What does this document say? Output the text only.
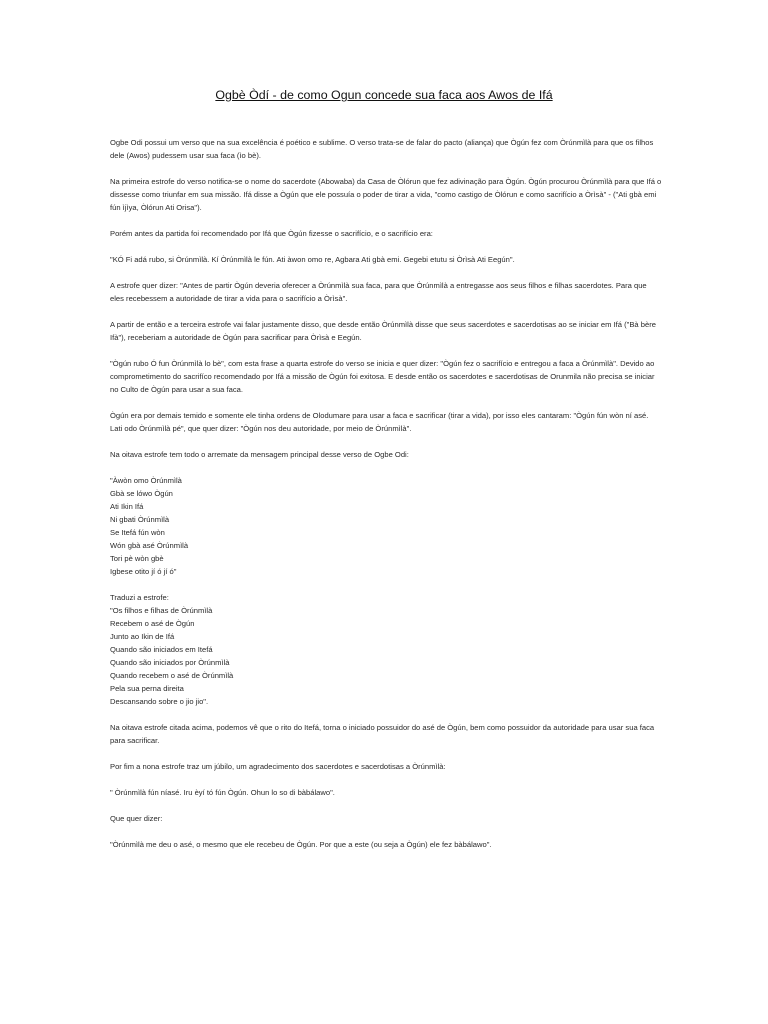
Ogbè Òdí - de como Ogun concede sua faca aos Awos de Ifá

Ogbe Odi possui um verso que na sua excelência é poético e sublime. O verso trata-se de falar do pacto (aliança) que Ògún fez com Òrúnmìlà para que os filhos dele (Awos) pudessem usar sua faca (ìo bè).

Na primeira estrofe do verso notifica-se o nome do sacerdote (Abowaba) da Casa de Òlórun que fez adivinação para Ògún. Ògún procurou Òrúnmìlà para que Ifá o dissesse como triunfar em sua missão. Ifá disse a Ògún que ele possuía o poder de tirar a vida, "como castigo de Òlórun e como sacrifício a Òrìsà" - ("Ati gbà emi fún ìjìya, Òlórun Ati Orisa").

Porém antes da partida foi recomendado por Ifá que Ògún fizesse o sacrifício, e o sacrifício era:

"KÓ Fi adá rubo, si Òrúnmìlà. Kí Òrúnmìlà le fún. Ati àwon omo re, Agbara Ati gbà emi. Gegebi etutu si Òrìsà Ati Eegún".

A estrofe quer dizer: "Antes de partir Ògún deveria oferecer a Òrúnmìlà sua faca, para que Òrúnmìlà a entregasse aos seus filhos e filhas sacerdotes. Para que eles recebessem a autoridade de tirar a vida para o sacrifício a Òrìsà".

A partir de então e a terceira estrofe vai falar justamente disso, que desde então Òrúnmìlà disse que seus sacerdotes e sacerdotisas ao se iniciar em Ifá ("Bà bère Ifà"), receberiam a autoridade de Ògún para sacrificar para Òrìsà e Eegún.

"Ògún rubo Ó fun Òrúnmìlà lo bè", com esta frase a quarta estrofe do verso se inicia e quer dizer: "Ògún fez o sacrifício e entregou a faca a Òrúnmìlà". Devido ao comprometimento do sacrifíco recomendado por Ifá a missão de Ògún foi exitosa. E desde então os sacerdotes e sacerdotisas de Orunmila não precisa se iniciar no Culto de Ògún para usar a sua faca.

Ògún era por demais temido e somente ele tinha ordens de Olodumare para usar a faca e sacrificar (tirar a vida), por isso eles cantaram: "Ògún fún wòn ní asé. Lati odo Òrúnmìlà pé", que quer dizer: "Ògún nos deu autoridade, por meio de Òrúnmìlà".

Na oitava estrofe tem todo o arremate da mensagem principal desse verso de Ogbe Odi:

"Àwòn omo Òrúnmìlà
Gbà se lówo Ògún
Ati Ikin Ifá
Ni gbati Òrúnmìlà
Se Itefá fún wòn
Wón gbà asé Òrúnmìlà
Tori pè wòn gbè
Igbese otito jí ó jí ó"

Traduzi a estrofe:
"Os filhos e filhas de Òrúnmìlà
Recebem o asé de Ògún
Junto ao Ikin de Ifá
Quando são iniciados em Itefá
Quando são iniciados por Òrúnmìlà
Quando recebem o asé de Òrúnmìlà
Pela sua perna direita
Descansando sobre o jio jio".

Na oitava estrofe citada acima, podemos vê que o rito do Itefá, torna o iniciado possuidor do asé de Ògún, bem como possuidor da autoridade para usar sua faca para sacrificar.

Por fim a nona estrofe traz um júbilo, um agradecimento dos sacerdotes e sacerdotisas a Òrúnmìlà:

" Òrúnmìlà fún níasé. Iru èyí tó fún Ògún. Ohun lo so di bàbálawo".

Que quer dizer:

"Òrúnmìlà me deu o asé, o mesmo que ele recebeu de Ògún. Por que a este (ou seja a Ògún) ele fez bàbálawo".
